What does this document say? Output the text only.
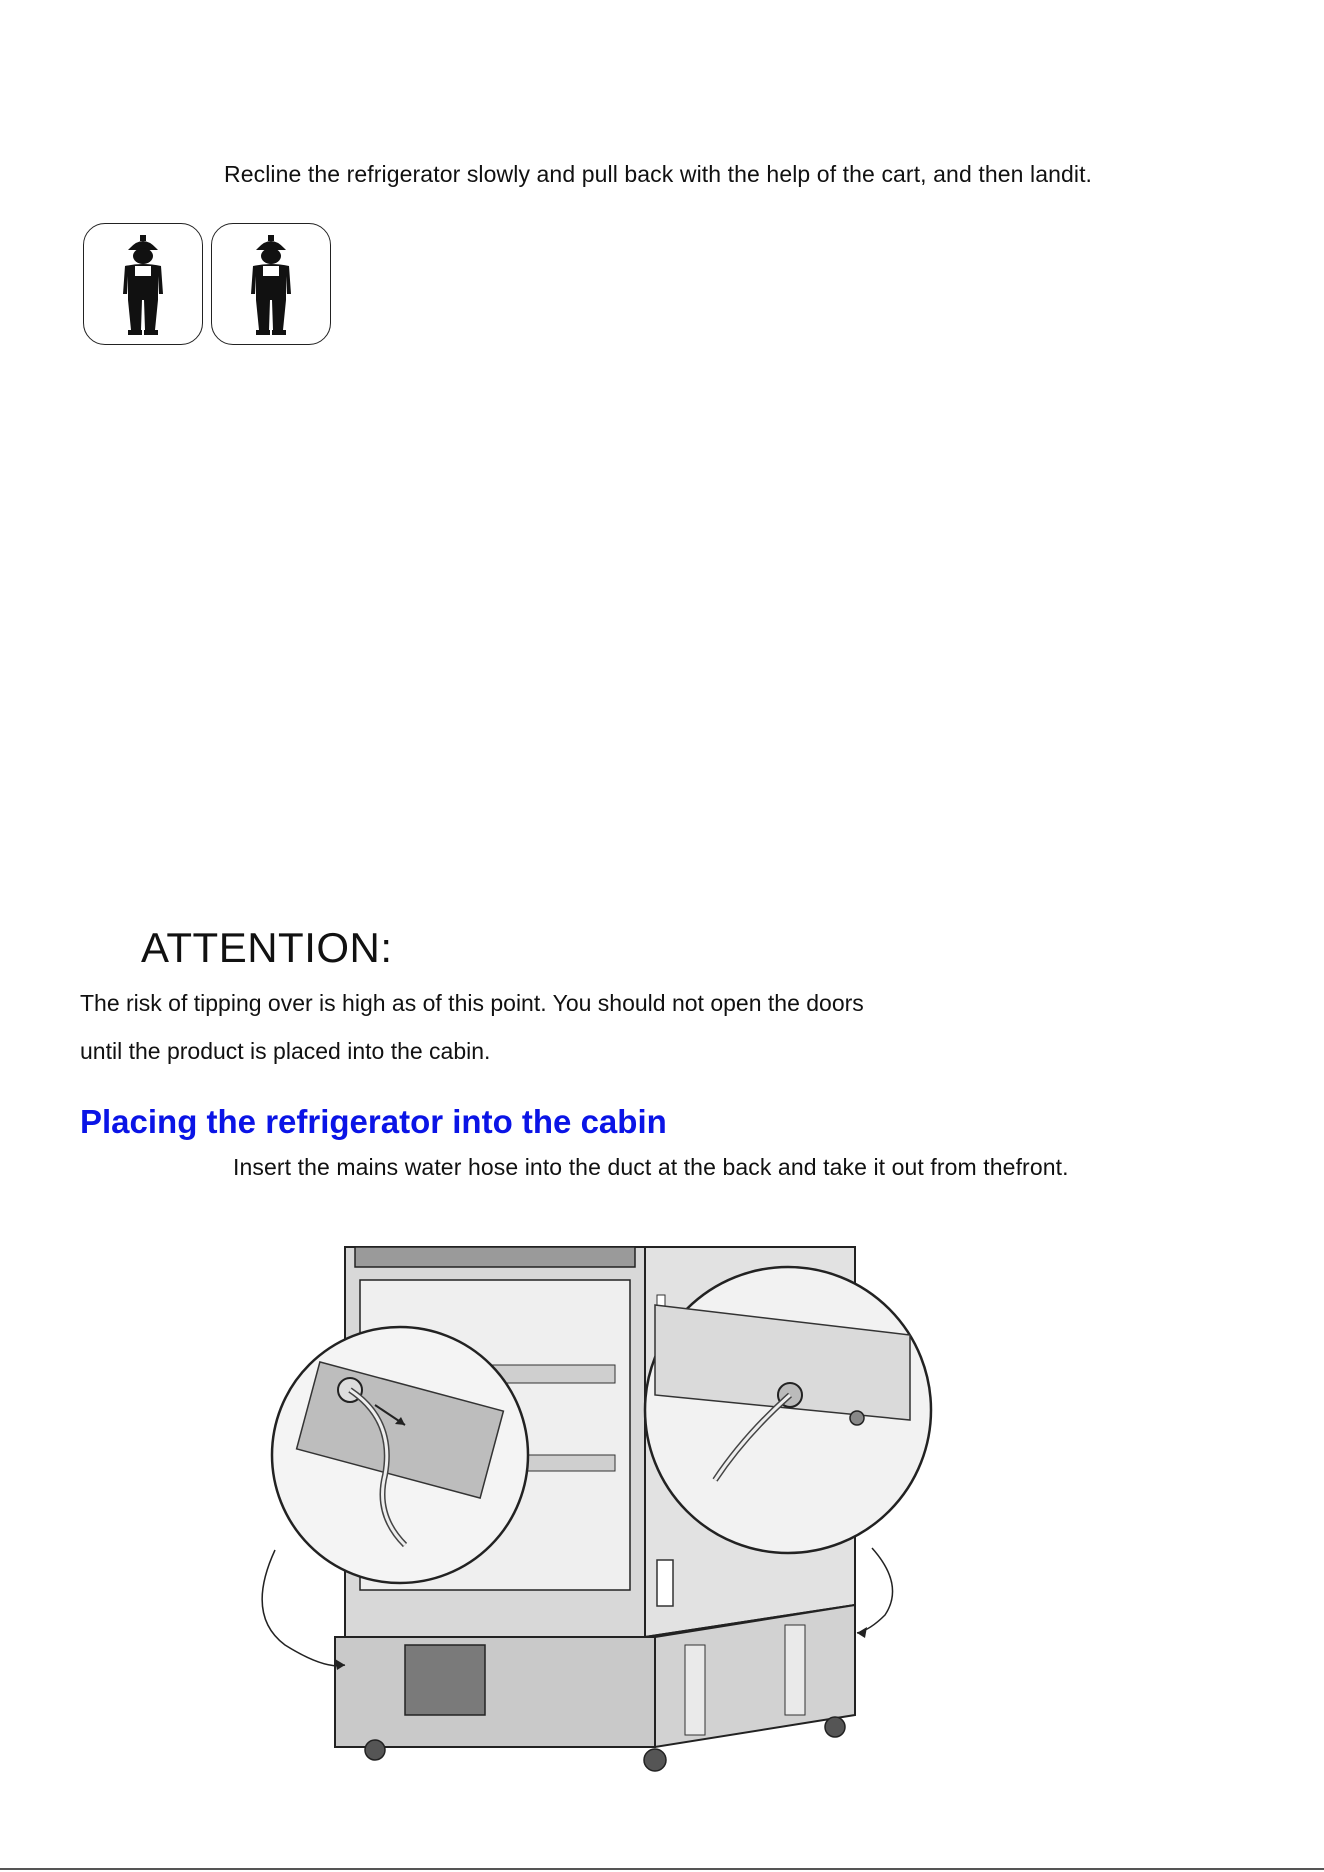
Recline the refrigerator slowly and pull back with the help of the cart, and then landit.
ATTENTION:
The risk of tipping over is high as of this point. You should not open the doors
until the product is placed into the cabin.
Placing the refrigerator into the cabin
Insert the mains water hose into the duct at the back and take it out from thefront.
